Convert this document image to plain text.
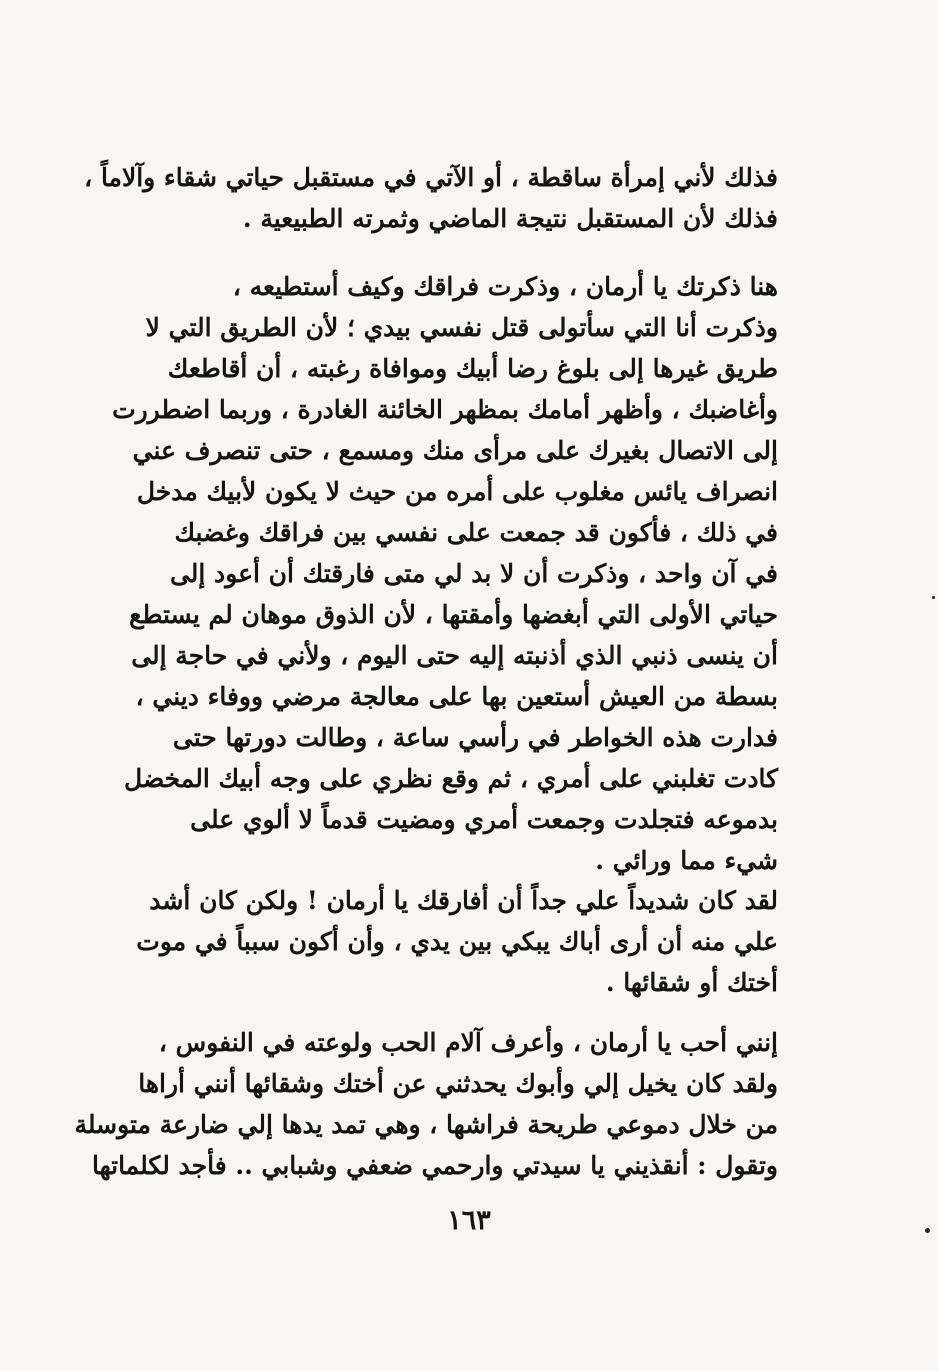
فذلك لأني إمرأة ساقطة ، أو الآتي في مستقبل حياتي شقاء وآلاماً ،
فذلك لأن المستقبل نتيجة الماضي وثمرته الطبيعية .
هنا ذكرتك يا أرمان ، وذكرت فراقك وكيف أستطيعه ،
وذكرت أنا التي سأتولى قتل نفسي بيدي ؛ لأن الطريق التي لا
طريق غيرها إلى بلوغ رضا أبيك وموافاة رغبته ، أن أقاطعك
وأغاضبك ، وأظهر أمامك بمظهر الخائنة الغادرة ، وربما اضطررت
إلى الاتصال بغيرك على مرأى منك ومسمع ، حتى تنصرف عني
انصراف يائس مغلوب على أمره من حيث لا يكون لأبيك مدخل
في ذلك ، فأكون قد جمعت على نفسي بين فراقك وغضبك
في آن واحد ، وذكرت أن لا بد لي متى فارقتك أن أعود إلى
حياتي الأولى التي أبغضها وأمقتها ، لأن الذوق موهان لم يستطع
أن ينسى ذنبي الذي أذنبته إليه حتى اليوم ، ولأني في حاجة إلى
بسطة من العيش أستعين بها على معالجة مرضي ووفاء ديني ،
فدارت هذه الخواطر في رأسي ساعة ، وطالت دورتها حتى
كادت تغلبني على أمري ، ثم وقع نظري على وجه أبيك المخضل
بدموعه فتجلدت وجمعت أمري ومضيت قدماً لا ألوي على
شيء مما ورائي .
لقد كان شديداً علي جداً أن أفارقك يا أرمان ! ولكن كان أشد
علي منه أن أرى أباك يبكي بين يدي ، وأن أكون سبباً في موت
أختك أو شقائها .
إنني أحب يا أرمان ، وأعرف آلام الحب ولوعته في النفوس ،
ولقد كان يخيل إلي وأبوك يحدثني عن أختك وشقائها أنني أراها
من خلال دموعي طريحة فراشها ، وهي تمد يدها إلي ضارعة متوسلة
وتقول : أنقذيني يا سيدتي وارحمي ضعفي وشبابي .. فأجد لكلماتها
١٦٣
